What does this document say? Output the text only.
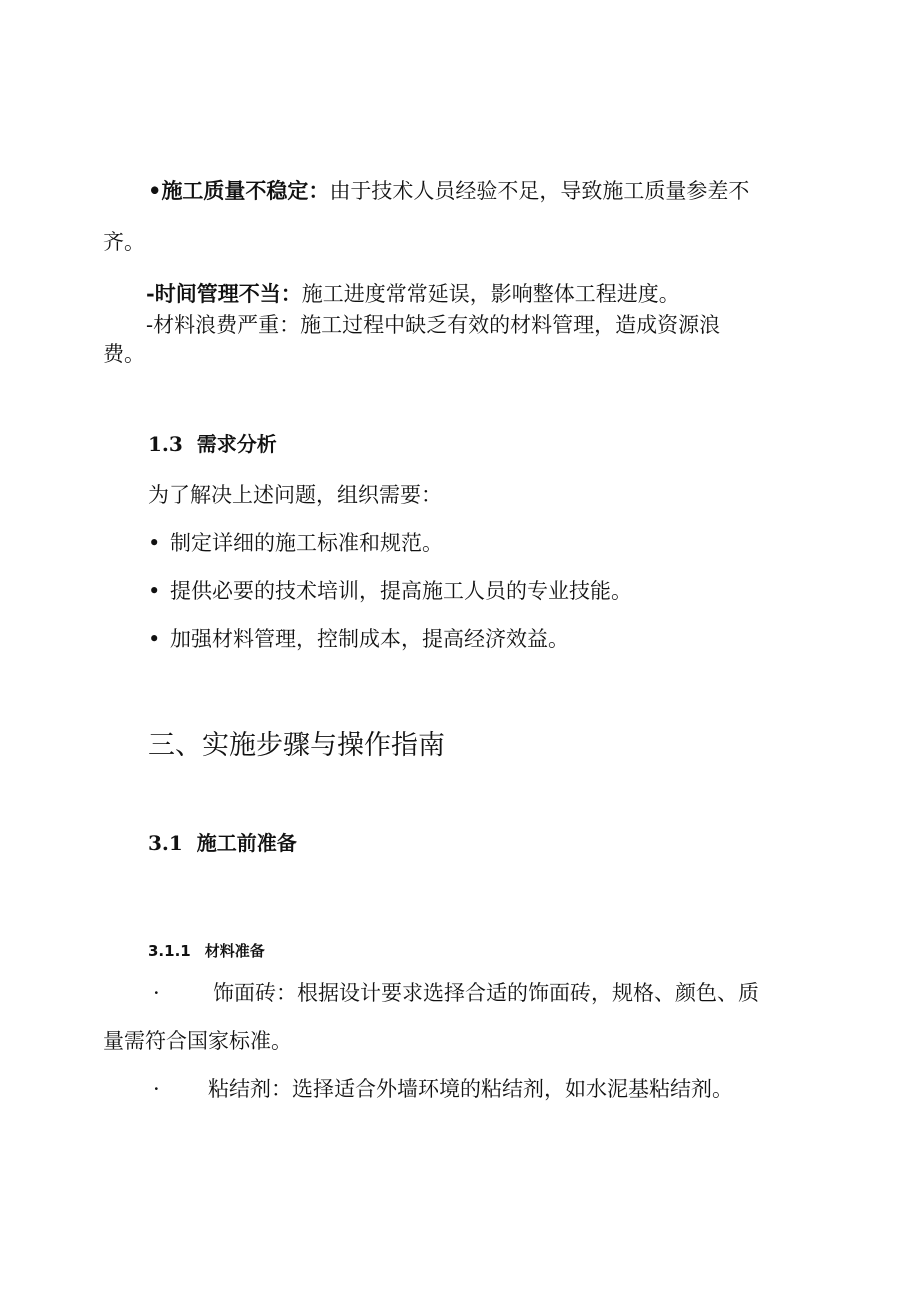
•施工质量不稳定：由于技术人员经验不足，导致施工质量参差不
齐。
-时间管理不当：施工进度常常延误，影响整体工程进度。
-材料浪费严重：施工过程中缺乏有效的材料管理，造成资源浪
费。
1.3 需求分析
为了解决上述问题，组织需要：
• 制定详细的施工标准和规范。
• 提供必要的技术培训，提高施工人员的专业技能。
• 加强材料管理，控制成本，提高经济效益。
三、实施步骤与操作指南
3.1 施工前准备
3.1.1 材料准备
·	饰面砖：根据设计要求选择合适的饰面砖，规格、颜色、质
量需符合国家标准。
· 粘结剂：选择适合外墙环境的粘结剂，如水泥基粘结剂。
